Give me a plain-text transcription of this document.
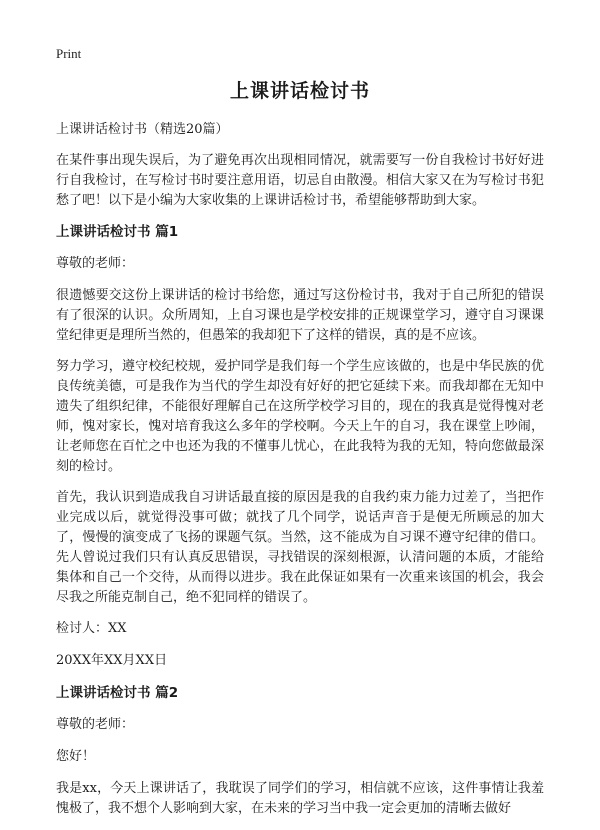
Print
上课讲话检讨书

上课讲话检讨书（精选20篇）

在某件事出现失误后，为了避免再次出现相同情况，就需要写一份自我检讨书好好进行自我检讨，在写检讨书时要注意用语，切忌自由散漫。相信大家又在为写检讨书犯愁了吧！以下是小编为大家收集的上课讲话检讨书，希望能够帮助到大家。

上课讲话检讨书 篇1

尊敬的老师：

很遗憾要交这份上课讲话的检讨书给您，通过写这份检讨书，我对于自己所犯的错误有了很深的认识。众所周知，上自习课也是学校安排的正规课堂学习，遵守自习课课堂纪律更是理所当然的，但愚笨的我却犯下了这样的错误，真的是不应该。

努力学习，遵守校纪校规，爱护同学是我们每一个学生应该做的，也是中华民族的优良传统美德，可是我作为当代的学生却没有好好的把它延续下来。而我却都在无知中遗失了组织纪律，不能很好理解自己在这所学校学习目的，现在的我真是觉得愧对老师，愧对家长，愧对培育我这么多年的学校啊。今天上午的自习，我在课堂上吵闹，让老师您在百忙之中也还为我的不懂事儿忧心，在此我特为我的无知，特向您做最深刻的检讨。

首先，我认识到造成我自习讲话最直接的原因是我的自我约束力能力过差了，当把作业完成以后，就觉得没事可做；就找了几个同学，说话声音于是便无所顾忌的加大了，慢慢的演变成了飞扬的课题气氛。当然，这不能成为自习课不遵守纪律的借口。先人曾说过我们只有认真反思错误，寻找错误的深刻根源，认清问题的本质，才能给集体和自己一个交待，从而得以进步。我在此保证如果有一次重来该国的机会，我会尽我之所能克制自己，绝不犯同样的错误了。

检讨人：XX

20XX年XX月XX日

上课讲话检讨书 篇2

尊敬的老师：

您好！

我是xx，今天上课讲话了，我耽误了同学们的学习，相信就不应该，这件事情让我羞愧极了，我不想个人影响到大家，在未来的学习当中我一定会更加的清晰去做好
